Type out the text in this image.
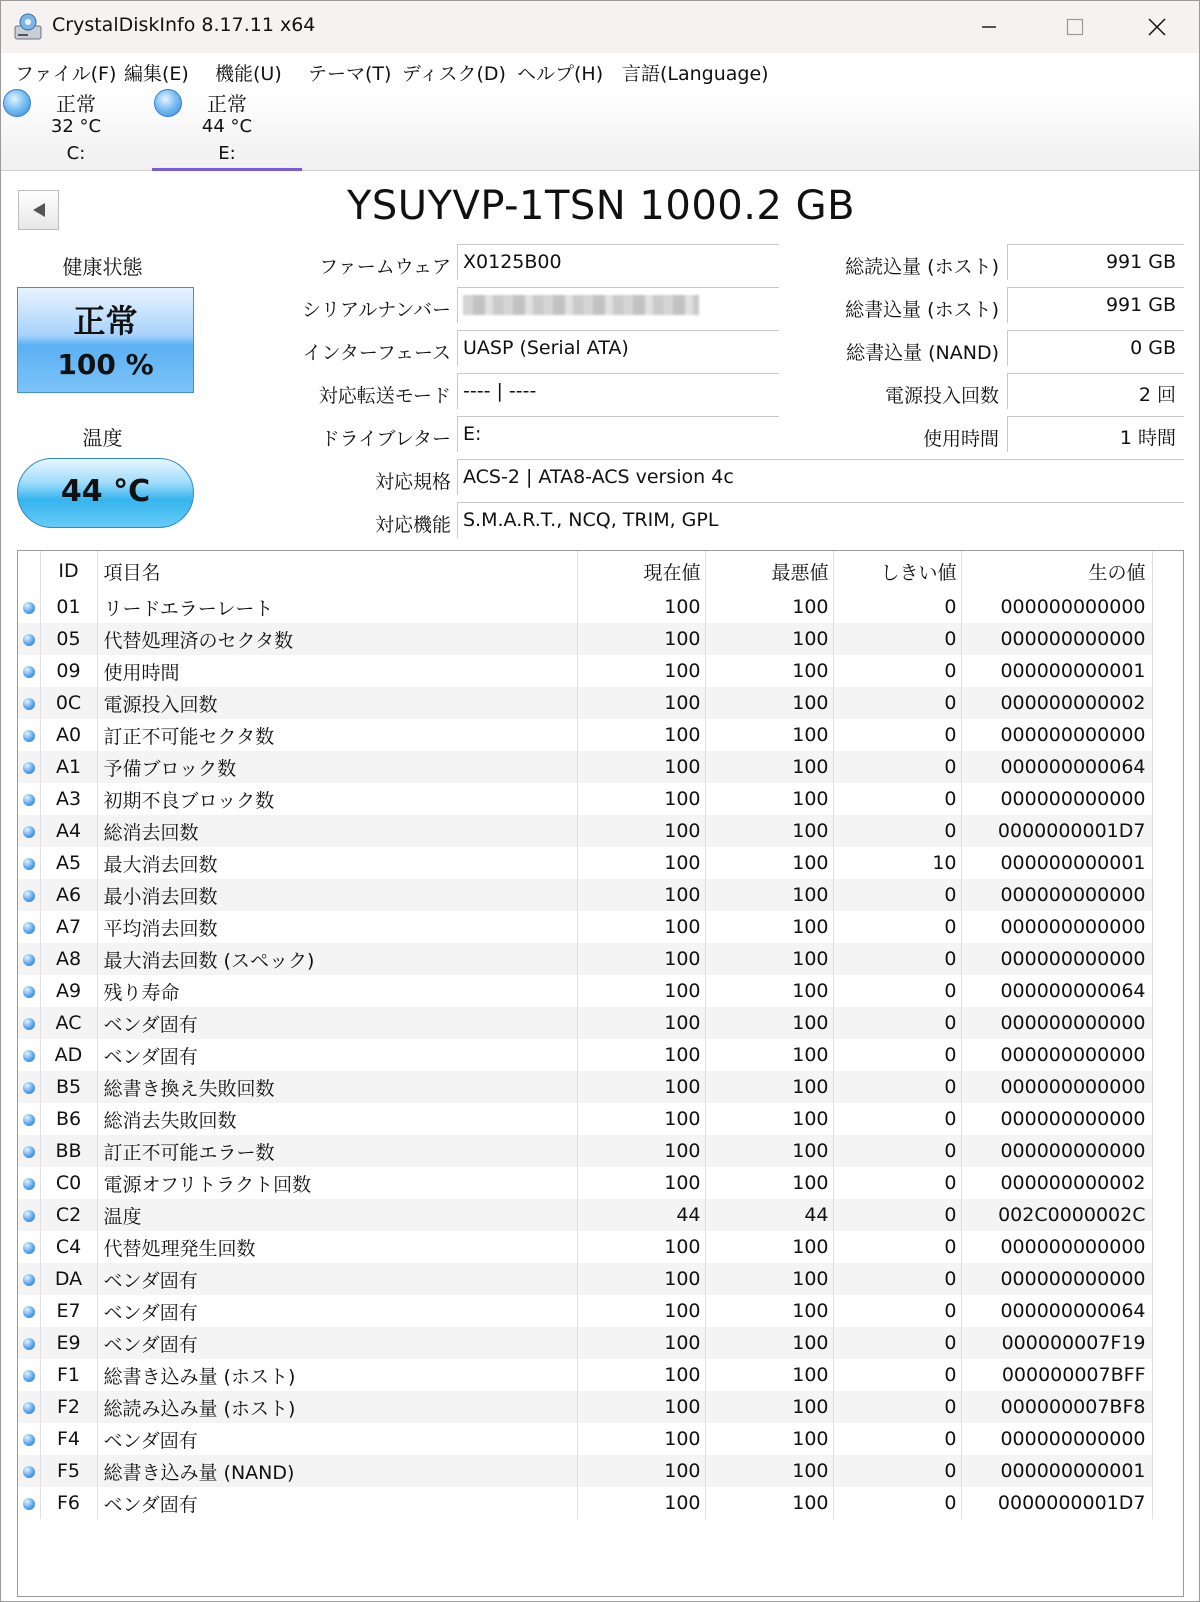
CrystalDiskInfo 8.17.11 x64
ファイル(F) 編集(E) 機能(U) テーマ(T) ディスク(D) ヘルプ(H) 言語(Language)
正常
32 °C
C:
正常
44 °C
E:
YSUYVP-1TSN 1000.2 GB
健康状態
正常
100 %
温度
44 °C
ファームウェア X0125B00
シリアルナンバー
インターフェース UASP (Serial ATA)
対応転送モード ---- | ----
ドライブレター E:
総読込量 (ホスト)	991 GB
総書込量 (ホスト)	991 GB
総書込量 (NAND)	0 GB
電源投入回数	2 回
使用時間	1 時間
対応規格 ACS-2 | ATA8-ACS version 4c
対応機能 S.M.A.R.T., NCQ, TRIM, GPL
	ID	項目名	現在値	最悪値	しきい値	生の値
	01	リードエラーレート	100	100	0	000000000000
	05	代替処理済のセクタ数	100	100	0	000000000000
	09	使用時間	100	100	0	000000000001
	0C	電源投入回数	100	100	0	000000000002
	A0	訂正不可能セクタ数	100	100	0	000000000000
	A1	予備ブロック数	100	100	0	000000000064
	A3	初期不良ブロック数	100	100	0	000000000000
	A4	総消去回数	100	100	0	0000000001D7
	A5	最大消去回数	100	100	10	000000000001
	A6	最小消去回数	100	100	0	000000000000
	A7	平均消去回数	100	100	0	000000000000
	A8	最大消去回数 (スペック)	100	100	0	000000000000
	A9	残り寿命	100	100	0	000000000064
	AC	ベンダ固有	100	100	0	000000000000
	AD	ベンダ固有	100	100	0	000000000000
	B5	総書き換え失敗回数	100	100	0	000000000000
	B6	総消去失敗回数	100	100	0	000000000000
	BB	訂正不可能エラー数	100	100	0	000000000000
	C0	電源オフリトラクト回数	100	100	0	000000000002
	C2	温度	44	44	0	002C0000002C
	C4	代替処理発生回数	100	100	0	000000000000
	DA	ベンダ固有	100	100	0	000000000000
	E7	ベンダ固有	100	100	0	000000000064
	E9	ベンダ固有	100	100	0	000000007F19
	F1	総書き込み量 (ホスト)	100	100	0	000000007BFF
	F2	総読み込み量 (ホスト)	100	100	0	000000007BF8
	F4	ベンダ固有	100	100	0	000000000000
	F5	総書き込み量 (NAND)	100	100	0	000000000001
	F6	ベンダ固有	100	100	0	0000000001D7
